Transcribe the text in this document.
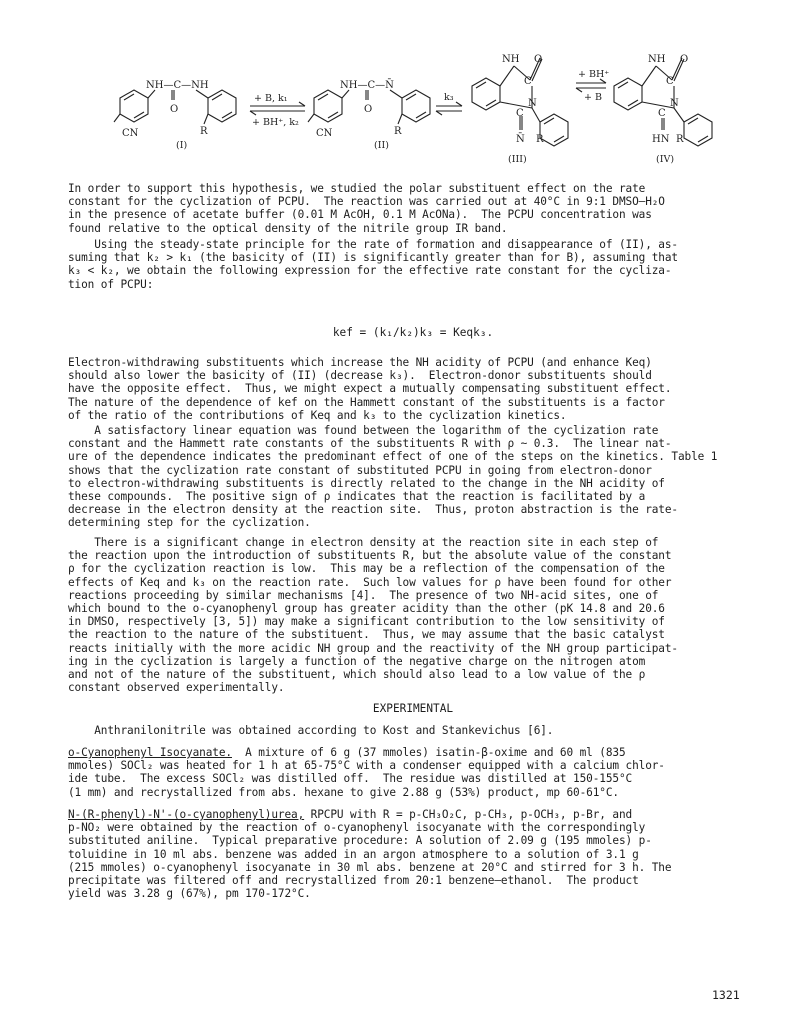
NH—C—NH
O
CN	R
(I)
+ B, k₁
+ BH⁺, k₂
NH—C—N̄
O
CN	R
(II)
k₃
NH O
C
N
C
N̄ R
(III)
+ BH⁺
+ B
NH O
C
N
C
HN R
(IV)

In order to support this hypothesis, we studied the polar substituent effect on the rate
constant for the cyclization of PCPU.  The reaction was carried out at 40°C in 9:1 DMSO–H₂O
in the presence of acetate buffer (0.01 M AcOH, 0.1 M AcONa).  The PCPU concentration was
found relative to the optical density of the nitrile group IR band.

Using the steady-state principle for the rate of formation and disappearance of (II), as-
suming that k₂ > k₁ (the basicity of (II) is significantly greater than for B), assuming that
k₃ < k₂, we obtain the following expression for the effective rate constant for the cycliza-
tion of PCPU:

kef = (k₁/k₂)k₃ = Keqk₃.

Electron-withdrawing substituents which increase the NH acidity of PCPU (and enhance Keq)
should also lower the basicity of (II) (decrease k₃).  Electron-donor substituents should
have the opposite effect.  Thus, we might expect a mutually compensating substituent effect.
The nature of the dependence of kef on the Hammett constant of the substituents is a factor
of the ratio of the contributions of Keq and k₃ to the cyclization kinetics.

A satisfactory linear equation was found between the logarithm of the cyclization rate
constant and the Hammett rate constants of the substituents R with ρ ~ 0.3.  The linear nat-
ure of the dependence indicates the predominant effect of one of the steps on the kinetics. Table 1
shows that the cyclization rate constant of substituted PCPU in going from electron-donor
to electron-withdrawing substituents is directly related to the change in the NH acidity of
these compounds.  The positive sign of ρ indicates that the reaction is facilitated by a
decrease in the electron density at the reaction site.  Thus, proton abstraction is the rate-
determining step for the cyclization.

There is a significant change in electron density at the reaction site in each step of
the reaction upon the introduction of substituents R, but the absolute value of the constant
ρ for the cyclization reaction is low.  This may be a reflection of the compensation of the
effects of Keq and k₃ on the reaction rate.  Such low values for ρ have been found for other
reactions proceeding by similar mechanisms [4].  The presence of two NH-acid sites, one of
which bound to the o-cyanophenyl group has greater acidity than the other (pK 14.8 and 20.6
in DMSO, respectively [3, 5]) may make a significant contribution to the low sensitivity of
the reaction to the nature of the substituent.  Thus, we may assume that the basic catalyst
reacts initially with the more acidic NH group and the reactivity of the NH group participat-
ing in the cyclization is largely a function of the negative charge on the nitrogen atom
and not of the nature of the substituent, which should also lead to a low value of the ρ
constant observed experimentally.

EXPERIMENTAL

Anthranilonitrile was obtained according to Kost and Stankevichus [6].

o-Cyanophenyl Isocyanate.  A mixture of 6 g (37 mmoles) isatin-β-oxime and 60 ml (835
mmoles) SOCl₂ was heated for 1 h at 65-75°C with a condenser equipped with a calcium chlor-
ide tube.  The excess SOCl₂ was distilled off.  The residue was distilled at 150-155°C
(1 mm) and recrystallized from abs. hexane to give 2.88 g (53%) product, mp 60-61°C.

N-(R-phenyl)-N'-(o-cyanophenyl)urea, RPCPU with R = p-CH₃O₂C, p-CH₃, p-OCH₃, p-Br, and
p-NO₂ were obtained by the reaction of o-cyanophenyl isocyanate with the correspondingly
substituted aniline.  Typical preparative procedure: A solution of 2.09 g (195 mmoles) p-
toluidine in 10 ml abs. benzene was added in an argon atmosphere to a solution of 3.1 g
(215 mmoles) o-cyanophenyl isocyanate in 30 ml abs. benzene at 20°C and stirred for 3 h. The
precipitate was filtered off and recrystallized from 20:1 benzene–ethanol.  The product
yield was 3.28 g (67%), pm 170-172°C.

1321
